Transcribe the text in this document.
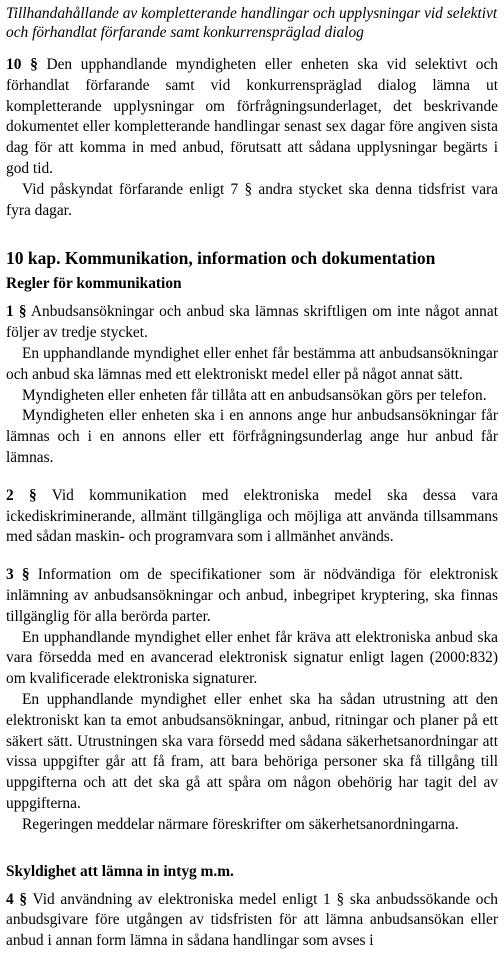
Tillhandahållande av kompletterande handlingar och upplysningar vid selektivt och förhandlat förfarande samt konkurrenspräglad dialog

10 § Den upphandlande myndigheten eller enheten ska vid selektivt och förhandlat förfarande samt vid konkurrenspräglad dialog lämna ut kompletterande upplysningar om förfrågningsunderlaget, det beskrivande dokumentet eller kompletterande handlingar senast sex dagar före angiven sista dag för att komma in med anbud, förutsatt att sådana upplysningar begärts i god tid.

Vid påskyndat förfarande enligt 7 § andra stycket ska denna tidsfrist vara fyra dagar.

10 kap. Kommunikation, information och dokumentation
Regler för kommunikation

1 § Anbudsansökningar och anbud ska lämnas skriftligen om inte något annat följer av tredje stycket.

En upphandlande myndighet eller enhet får bestämma att anbudsansökningar och anbud ska lämnas med ett elektroniskt medel eller på något annat sätt.

Myndigheten eller enheten får tillåta att en anbudsansökan görs per telefon.

Myndigheten eller enheten ska i en annons ange hur anbudsansökningar får lämnas och i en annons eller ett förfrågningsunderlag ange hur anbud får lämnas.

2 § Vid kommunikation med elektroniska medel ska dessa vara ickediskriminerande, allmänt tillgängliga och möjliga att använda tillsammans med sådan maskin- och programvara som i allmänhet används.

3 § Information om de specifikationer som är nödvändiga för elektronisk inlämning av anbudsansökningar och anbud, inbegripet kryptering, ska finnas tillgänglig för alla berörda parter.

En upphandlande myndighet eller enhet får kräva att elektroniska anbud ska vara försedda med en avancerad elektronisk signatur enligt lagen (2000:832) om kvalificerade elektroniska signaturer.

En upphandlande myndighet eller enhet ska ha sådan utrustning att den elektroniskt kan ta emot anbudsansökningar, anbud, ritningar och planer på ett säkert sätt. Utrustningen ska vara försedd med sådana säkerhetsanordningar att vissa uppgifter går att få fram, att bara behöriga personer ska få tillgång till uppgifterna och att det ska gå att spåra om någon obehörig har tagit del av uppgifterna.

Regeringen meddelar närmare föreskrifter om säkerhetsanordningarna.

Skyldighet att lämna in intyg m.m.

4 § Vid användning av elektroniska medel enligt 1 § ska anbudssökande och anbudsgivare före utgången av tidsfristen för att lämna anbudsansökan eller anbud i annan form lämna in sådana handlingar som avses i
